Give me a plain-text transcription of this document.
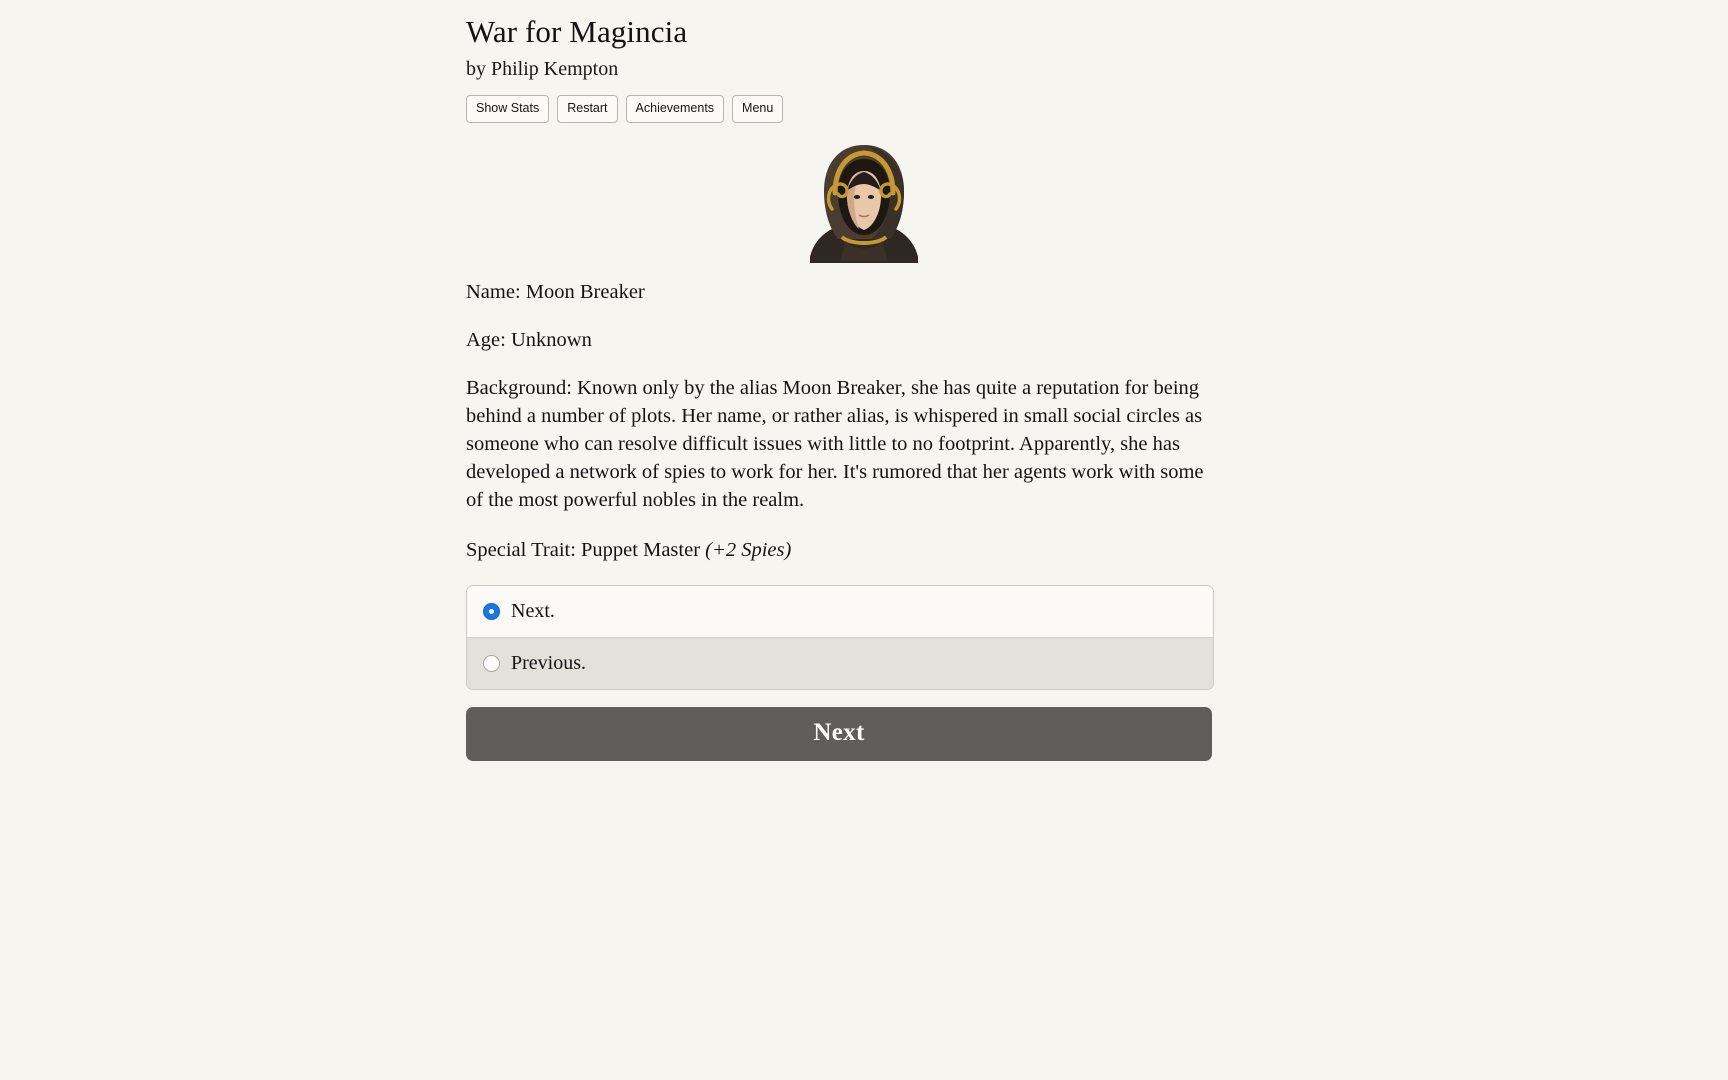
War for Magincia
by Philip Kempton
Show Stats	Restart	Achievements	Menu

Name: Moon Breaker

Age: Unknown

Background: Known only by the alias Moon Breaker, she has quite a reputation for being behind a number of plots. Her name, or rather alias, is whispered in small social circles as someone who can resolve difficult issues with little to no footprint. Apparently, she has developed a network of spies to work for her. It's rumored that her agents work with some of the most powerful nobles in the realm.

Special Trait: Puppet Master (+2 Spies)

Next.
Previous.
Next
